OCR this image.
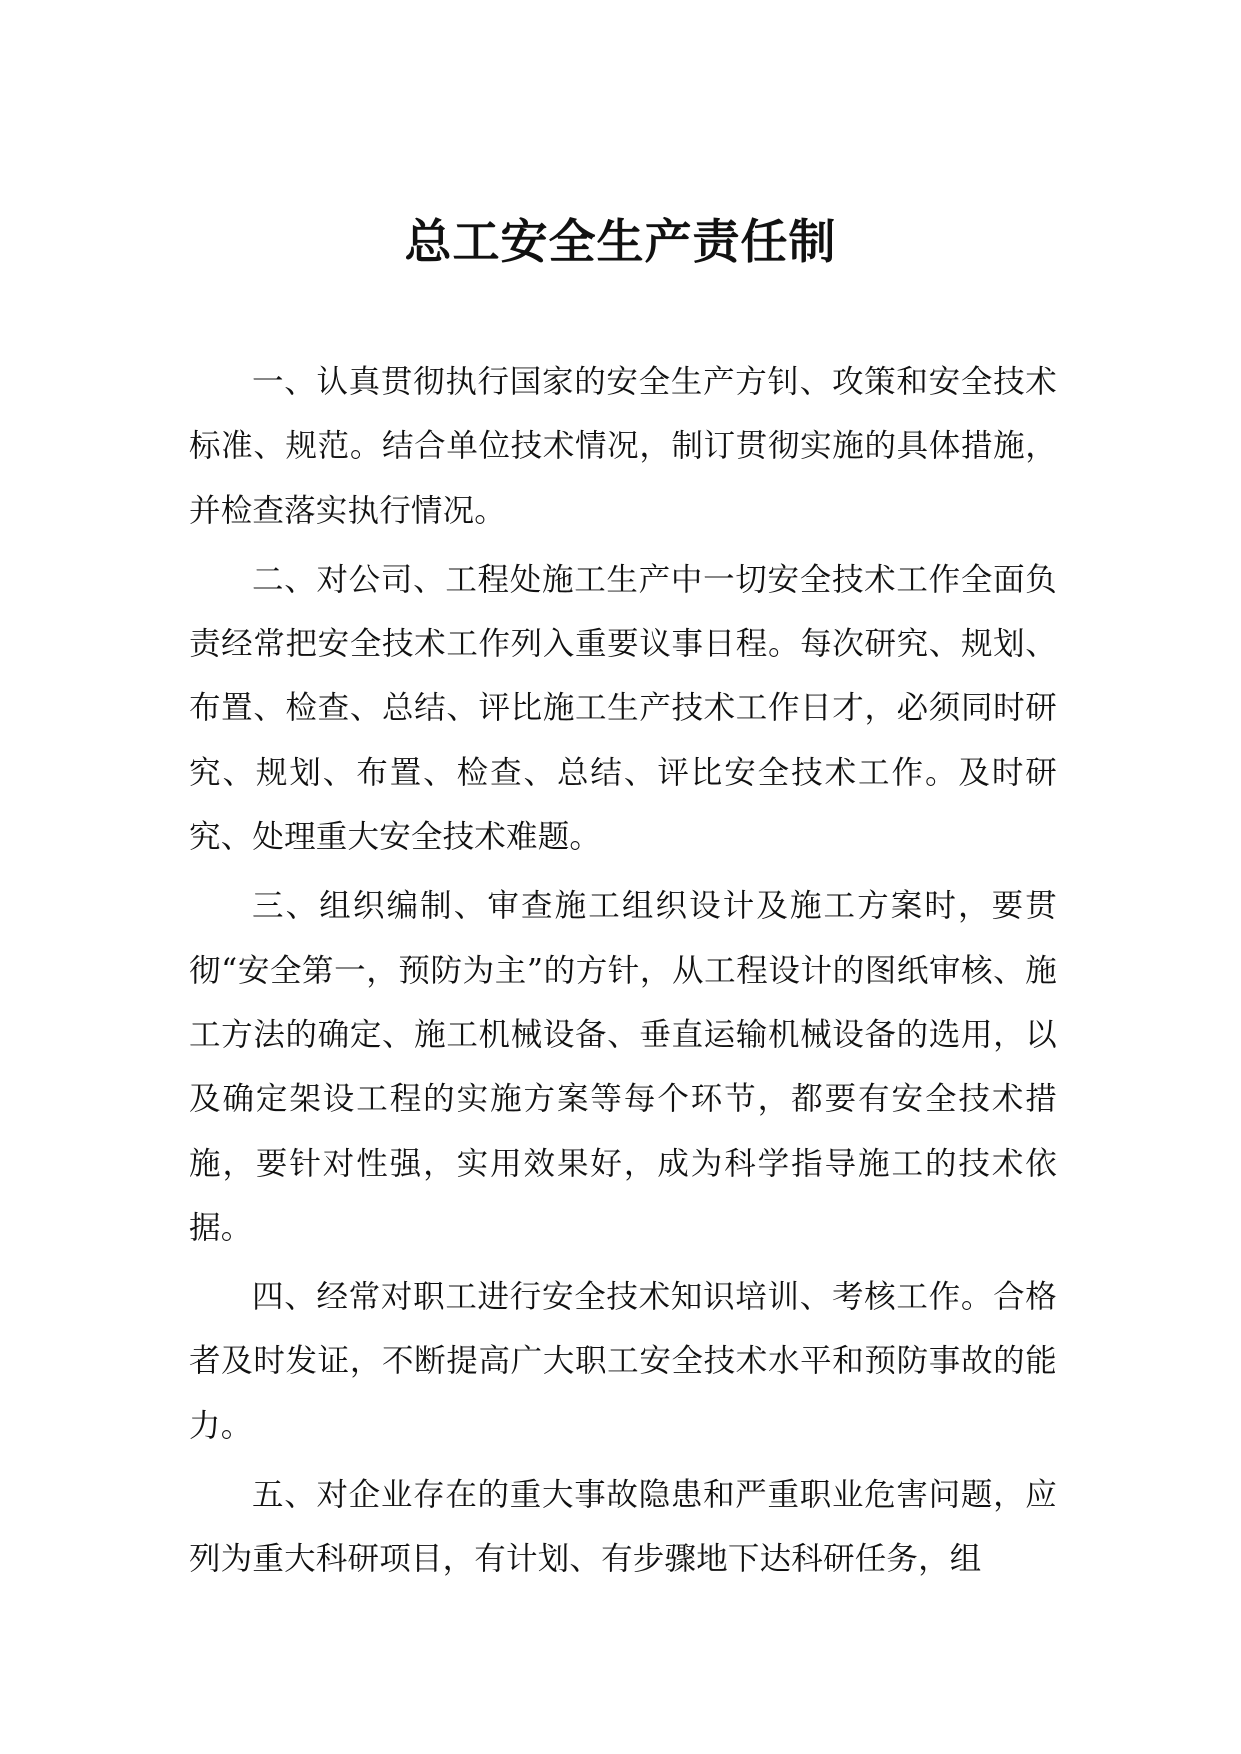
总工安全生产责任制

一、认真贯彻执行国家的安全生产方钊、攻策和安全技术标准、规范。结合单位技术情况，制订贯彻实施的具体措施，并检查落实执行情况。

二、对公司、工程处施工生产中一切安全技术工作全面负责经常把安全技术工作列入重要议事日程。每次研究、规划、布置、检查、总结、评比施工生产技术工作日才，必须同时研究、规划、布置、检查、总结、评比安全技术工作。及时研究、处理重大安全技术难题。

三、组织编制、审查施工组织设计及施工方案时，要贯彻“安全第一，预防为主”的方针，从工程设计的图纸审核、施工方法的确定、施工机械设备、垂直运输机械设备的选用，以及确定架设工程的实施方案等每个环节，都要有安全技术措施，要针对性强，实用效果好，成为科学指导施工的技术依据。

四、经常对职工进行安全技术知识培训、考核工作。合格者及时发证，不断提高广大职工安全技术水平和预防事故的能力。

五、对企业存在的重大事故隐患和严重职业危害问题，应列为重大科研项目，有计划、有步骤地下达科研任务，组
